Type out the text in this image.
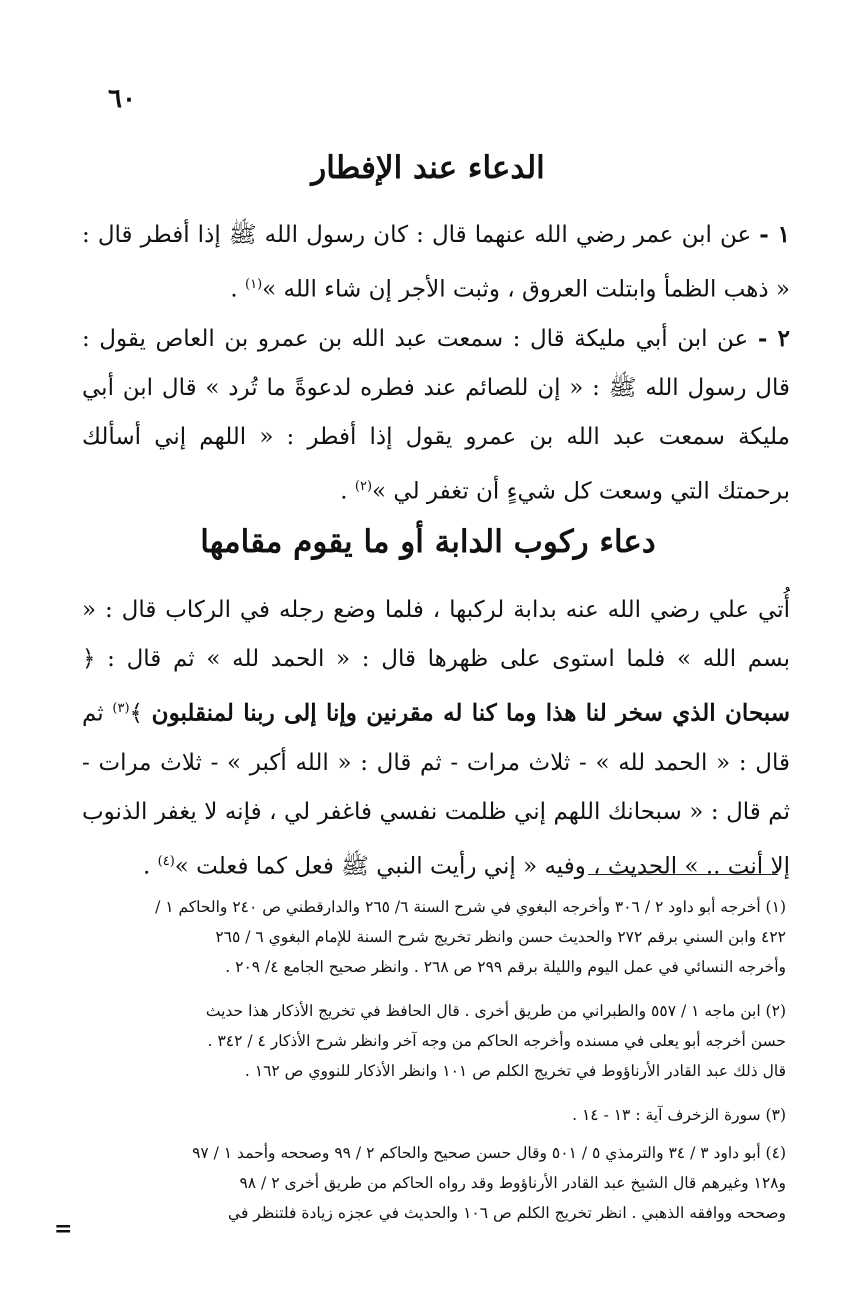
٦٠
الدعاء عند الإفطار
١ - عن ابن عمر رضي الله عنهما قال : كان رسول الله ﷺ إذا أفطر قال : « ذهب الظمأ وابتلت العروق ، وثبت الأجر إن شاء الله »$^{(١)}$ .
٢ - عن ابن أبي مليكة قال : سمعت عبد الله بن عمرو بن العاص يقول : قال رسول الله ﷺ : « إن للصائم عند فطره لدعوةً ما تُرد » قال ابن أبي مليكة سمعت عبد الله بن عمرو يقول إذا أفطر : « اللهم إني أسألك برحمتك التي وسعت كل شيءٍ أن تغفر لي »$^{(٢)}$ .
دعاء ركوب الدابة أو ما يقوم مقامها
أُتي علي رضي الله عنه بدابة لركبها ، فلما وضع رجله في الركاب قال : « بسم الله » فلما استوى على ظهرها قال : « الحمد لله » ثم قال : ﴿ سبحان الذي سخر لنا هذا وما كنا له مقرنين وإنا إلى ربنا لمنقلبون ﴾$^{(٣)}$ ثم قال : « الحمد لله » - ثلاث مرات - ثم قال : « الله أكبر » - ثلاث مرات - ثم قال : « سبحانك اللهم إني ظلمت نفسي فاغفر لي ، فإنه لا يغفر الذنوب إلا أنت .. » الحديث ، وفيه « إني رأيت النبي ﷺ فعل كما فعلت »$^{(٤)}$ .
(١) أخرجه أبو داود ٢ / ٣٠٦ وأخرجه البغوي في شرح السنة ٦/ ٢٦٥ والدارقطني ص ٢٤٠ والحاكم ١ /
٤٢٢ وابن السني برقم ٢٧٢ والحديث حسن وانظر تخريج شرح السنة للإمام البغوي ٦ / ٢٦٥
وأخرجه النسائي في عمل اليوم والليلة برقم ٢٩٩ ص ٢٦٨ . وانظر صحيح الجامع ٤/ ٢٠٩ .
(٢) ابن ماجه ١ / ٥٥٧ والطبراني من طريق أخرى . قال الحافظ في تخريج الأذكار هذا حديث
حسن أخرجه أبو يعلى في مسنده وأخرجه الحاكم من وجه آخر وانظر شرح الأذكار ٤ / ٣٤٢ .
قال ذلك عبد القادر الأرناؤوط في تخريج الكلم ص ١٠١ وانظر الأذكار للنووي ص ١٦٢ .
(٣) سورة الزخرف آية : ١٣ - ١٤ .
(٤) أبو داود ٣ / ٣٤ والترمذي ٥ / ٥٠١ وقال حسن صحيح والحاكم ٢ / ٩٩ وصححه وأحمد ١ / ٩٧
و١٢٨ وغيرهم قال الشيخ عبد القادر الأرناؤوط وقد رواه الحاكم من طريق أخرى ٢ / ٩٨
وصححه ووافقه الذهبي . انظر تخريج الكلم ص ١٠٦ والحديث في عجزه زيادة فلتنظر في
=
